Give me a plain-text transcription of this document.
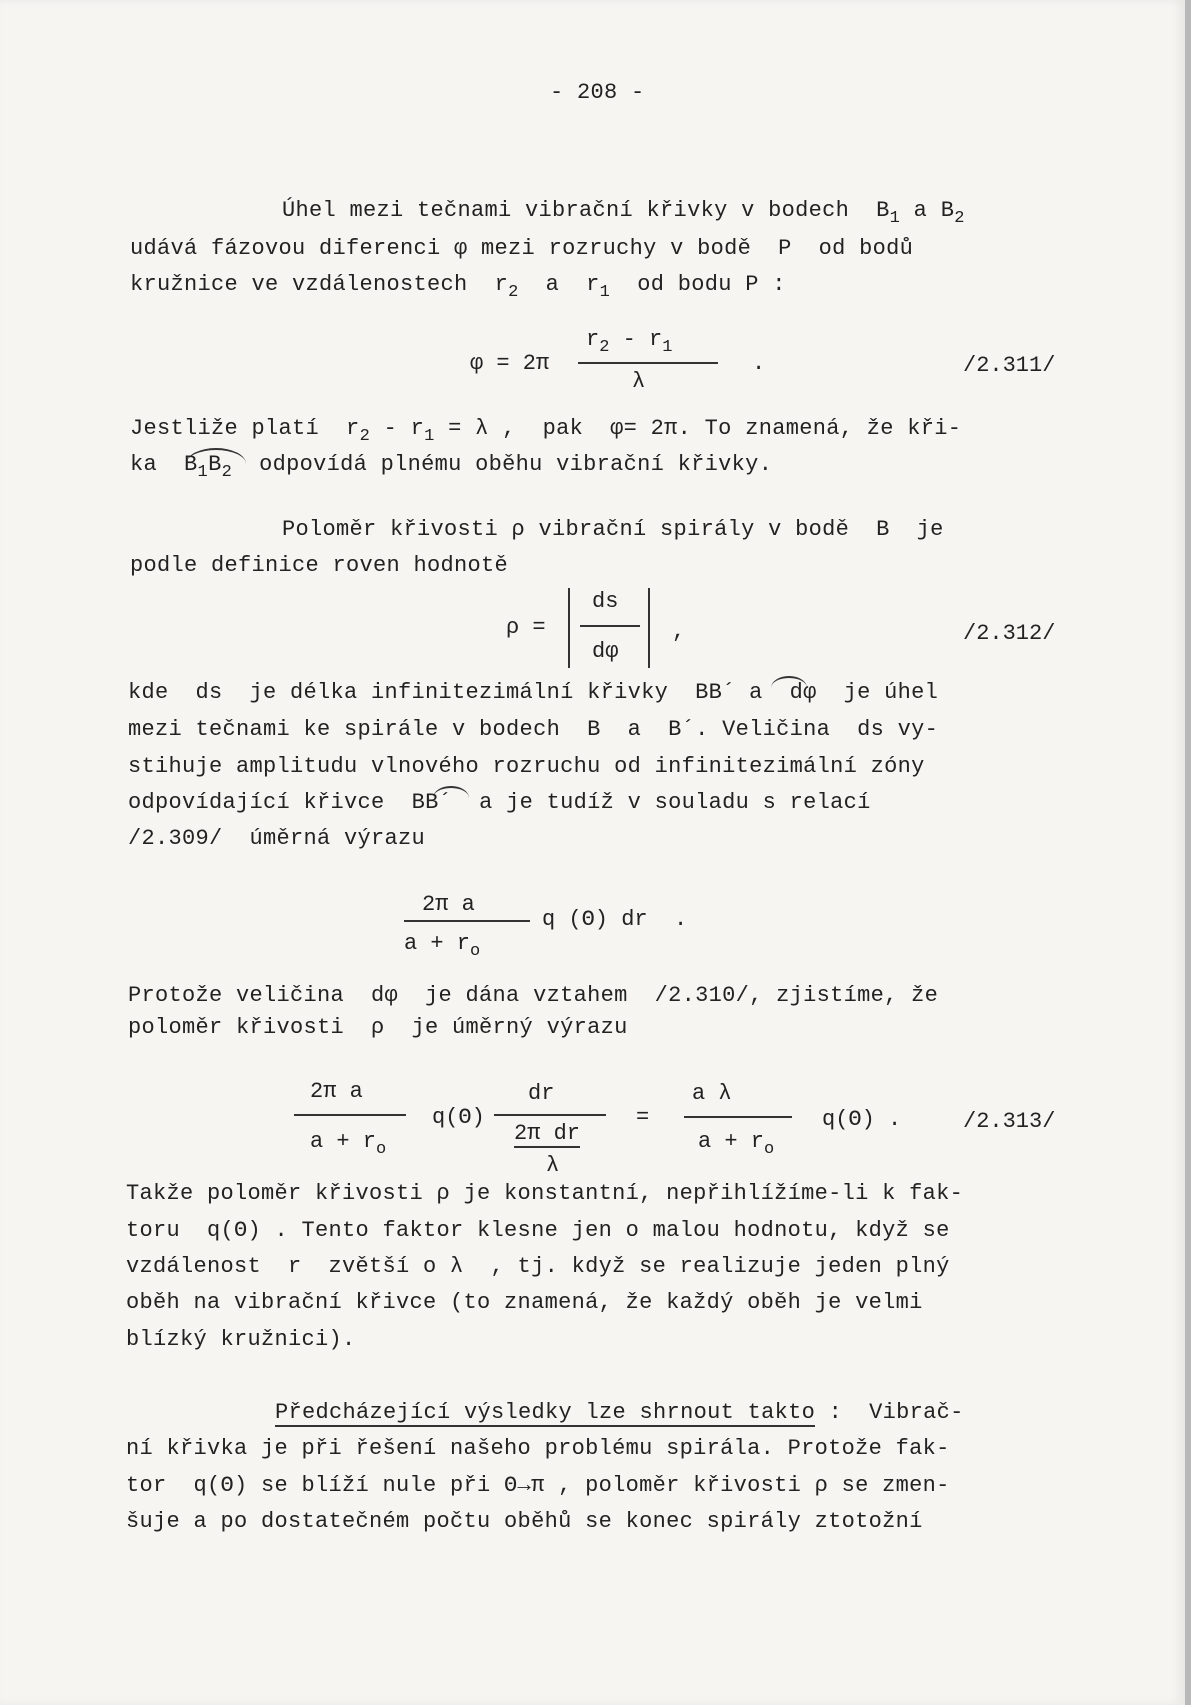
- 208 -
Úhel mezi tečnami vibrační křivky v bodech $B_1$ a $B_2$
udává fázovou diferenci φ mezi rozruchy v bodě  P  od bodů
kružnice ve vzdálenostech $r_2$ a $r_1$ od bodu P :
φ = 2π
$r_2 - r_1$
λ
.	/2.311/
Jestliže platí $r_2 - r_1 = \lambda$ ,  pak  φ= 2π. To znamená, že kři-
ka $B_1B_2$ odpovídá plnému oběhu vibrační křivky.
Poloměr křivosti ρ vibrační spirály v bodě  B  je
podle definice roven hodnotě
ρ =
ds
dφ
,	/2.312/
kde  ds  je délka infinitezimální křivky BB´ a  dφ  je úhel
mezi tečnami ke spirále v bodech  B  a  B´. Veličina  ds vy-
stihuje amplitudu vlnového rozruchu od infinitezimální zóny
odpovídající křivce BB´  a je tudíž v souladu s relací
/2.309/  úměrná výrazu
2π a
$a + r_o$
q (Θ) dr  .
Protože veličina  dφ  je dána vztahem  /2.310/, zjistíme, že
poloměr křivosti  ρ  je úměrný výrazu
2π a
$a + r_o$
q(Θ)
dr
2π dr
λ
=
a λ
$a + r_o$
q(Θ) .	/2.313/
Takže poloměr křivosti ρ je konstantní, nepřihlížíme-li k fak-
toru  q(Θ) . Tento faktor klesne jen o malou hodnotu, když se
vzdálenost  r  zvětší o λ  , tj. když se realizuje jeden plný
oběh na vibrační křivce (to znamená, že každý oběh je velmi
blízký kružnici).
Předcházející výsledky lze shrnout takto :  Vibrač-
ní křivka je při řešení našeho problému spirála. Protože fak-
tor  q(Θ) se blíží nule při Θ→π , poloměr křivosti ρ se zmen-
šuje a po dostatečném počtu oběhů se konec spirály ztotožní
